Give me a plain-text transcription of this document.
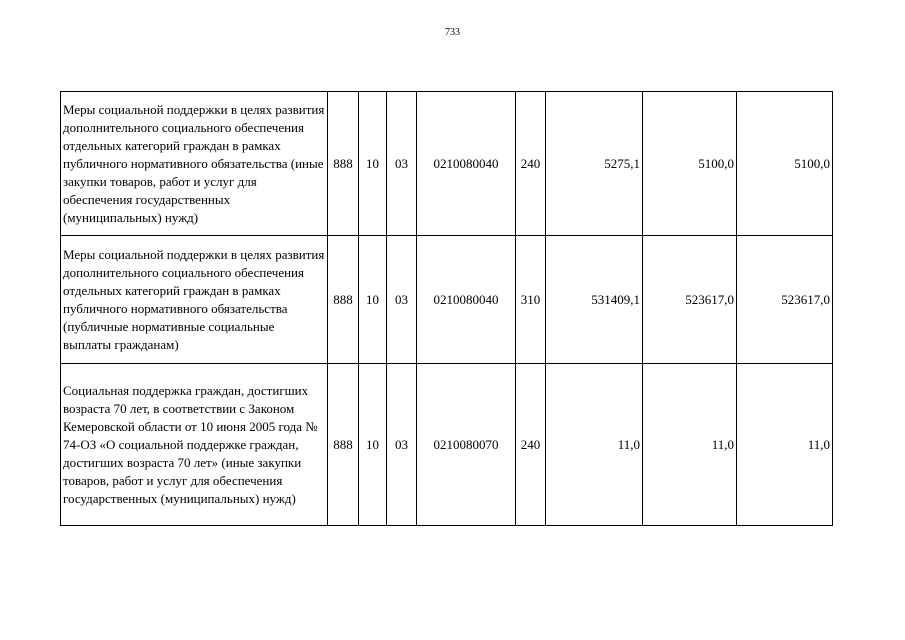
733
Меры социальной поддержки в целях развития дополнительного социального обеспечения отдельных категорий граждан в рамках публичного нормативного обязательства (иные закупки товаров, работ и услуг для обеспечения государственных (муниципальных) нужд)	888	10	03	0210080040	240	5275,1	5100,0	5100,0
Меры социальной поддержки в целях развития дополнительного социального обеспечения отдельных категорий граждан в рамках публичного нормативного обязательства (публичные нормативные социальные выплаты гражданам)	888	10	03	0210080040	310	531409,1	523617,0	523617,0
Социальная поддержка граждан, достигших возраста 70 лет, в соответствии с Законом Кемеровской области от 10 июня 2005 года № 74-ОЗ «О социальной поддержке граждан, достигших возраста 70 лет» (иные закупки товаров, работ и услуг для обеспечения государственных (муниципальных) нужд)	888	10	03	0210080070	240	11,0	11,0	11,0
